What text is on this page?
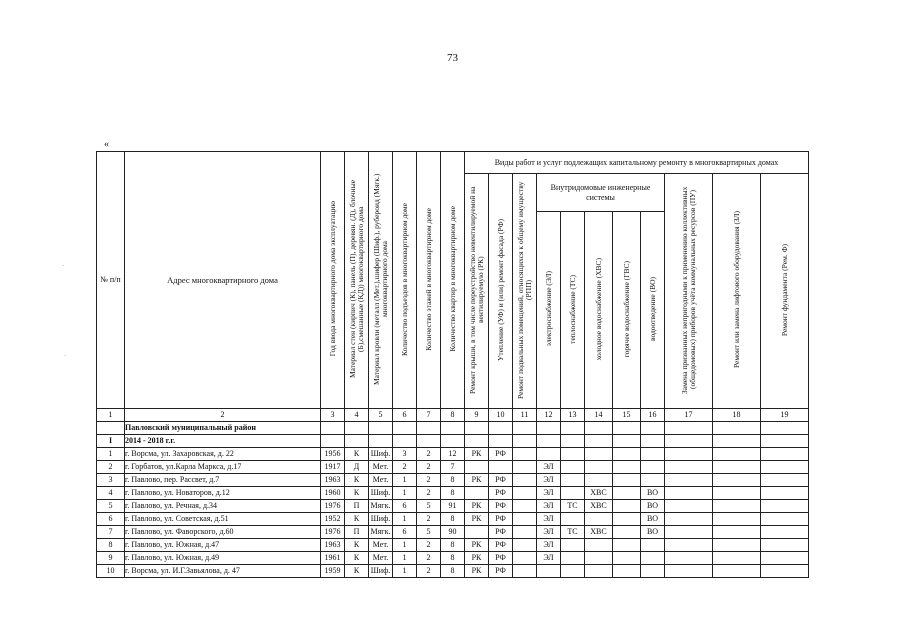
73
«
№ п/п	Адрес многоквартирного дома	Год ввода многоквартирного дома эксплуатацию	Материал стен (кирпич (К), панель (П), деревян. (Д), блочные (Б),смешанные (КД)) многоквартирного дома	Материал кровли (металл (Мет.),шифер (Шиф.), рубероид (Мягк.) многоквартирного дома	Количество подъездов в многоквартирном доме	Количество этажей в многоквартирном доме	Количество квартир в многоквартирном доме	Виды работ и услуг подлежащих капитальному ремонту в многоквартирных домах										
								Ремонт крыши, в том числе переустройство невентилируемой на вентилируемую (РК)	Утепление (УФ) и (или) ремонт фасада (РФ)	Ремонт подвальных помещений, относящихся к общему имуществу (РПП)	Внутридомовые инженерные системы					Замена признанных непригодными к применению коллективных (общедомовых) приборов учёта коммунальных ресурсов (ПУ)	Ремонт или замена лифтового оборудования (ЗЛ)	Ремонт фундамента (Рем. Ф)
											электроснабжение (ЭЛ)	теплоснабжение (ТС)	холодное водоснабжение (ХВС)	горячее водоснабжение (ГВС)	водоотведение (ВО)			
1	2	3	4	5	6	7	8	9	10	11	12	13	14	15	16	17	18	19
	Павловский муниципальный район																	
I	2014 - 2018 г.г.																	
1	г. Ворсма, ул. Захаровская, д. 22	1956	К	Шиф.	3	2	12	РК	РФ									
2	г. Горбатов, ул.Карла Маркса, д.17	1917	Д	Мет.	2	2	7				ЭЛ							
3	г. Павлово, пер. Рассвет, д.7	1963	К	Мет.	1	2	8	РК	РФ		ЭЛ							
4	г. Павлово, ул. Новаторов, д.12	1960	К	Шиф.	1	2	8		РФ		ЭЛ		ХВС		ВО			
5	г. Павлово, ул. Речная, д.34	1976	П	Мягк.	6	5	91	РК	РФ		ЭЛ	ТС	ХВС		ВО			
6	г. Павлово, ул. Советская, д.51	1952	К	Шиф.	1	2	8	РК	РФ		ЭЛ				ВО			
7	г. Павлово, ул. Фаворского, д.60	1976	П	Мягк.	6	5	90		РФ		ЭЛ	ТС	ХВС		ВО			
8	г. Павлово, ул. Южная, д.47	1963	К	Мет.	1	2	8	РК	РФ		ЭЛ							
9	г. Павлово, ул. Южная, д.49	1961	К	Мет.	1	2	8	РК	РФ		ЭЛ							
10	г. Ворсма, ул. И.Г.Завьялова, д. 47	1959	К	Шиф.	1	2	8	РК	РФ									
·
·
